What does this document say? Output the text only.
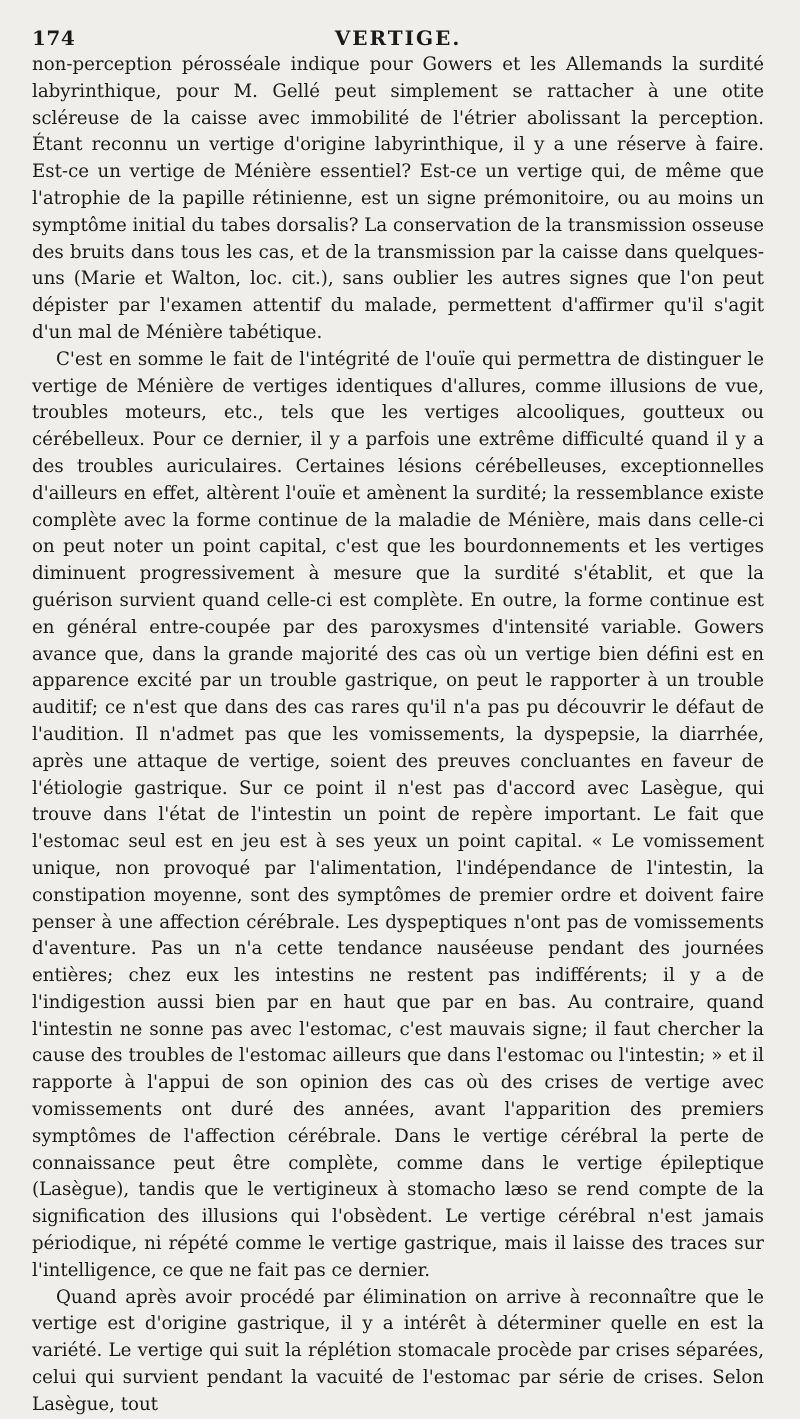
174	VERTIGE.

non-perception pérosséale indique pour Gowers et les Allemands la surdité labyrinthique, pour M. Gellé peut simplement se rattacher à une otite scléreuse de la caisse avec immobilité de l'étrier abolissant la perception. Étant reconnu un vertige d'origine labyrinthique, il y a une réserve à faire. Est-ce un vertige de Ménière essentiel? Est-ce un vertige qui, de même que l'atrophie de la papille rétinienne, est un signe prémonitoire, ou au moins un symptôme initial du tabes dorsalis? La conservation de la transmission osseuse des bruits dans tous les cas, et de la transmission par la caisse dans quelques-uns (Marie et Walton, loc. cit.), sans oublier les autres signes que l'on peut dépister par l'examen attentif du malade, permettent d'affirmer qu'il s'agit d'un mal de Ménière tabétique.

C'est en somme le fait de l'intégrité de l'ouïe qui permettra de distinguer le vertige de Ménière de vertiges identiques d'allures, comme illusions de vue, troubles moteurs, etc., tels que les vertiges alcooliques, goutteux ou cérébelleux. Pour ce dernier, il y a parfois une extrême difficulté quand il y a des troubles auriculaires. Certaines lésions cérébelleuses, exceptionnelles d'ailleurs en effet, altèrent l'ouïe et amènent la surdité; la ressemblance existe complète avec la forme continue de la maladie de Ménière, mais dans celle-ci on peut noter un point capital, c'est que les bourdonnements et les vertiges diminuent progressivement à mesure que la surdité s'établit, et que la guérison survient quand celle-ci est complète. En outre, la forme continue est en général entre-coupée par des paroxysmes d'intensité variable. Gowers avance que, dans la grande majorité des cas où un vertige bien défini est en apparence excité par un trouble gastrique, on peut le rapporter à un trouble auditif; ce n'est que dans des cas rares qu'il n'a pas pu découvrir le défaut de l'audition. Il n'admet pas que les vomissements, la dyspepsie, la diarrhée, après une attaque de vertige, soient des preuves concluantes en faveur de l'étiologie gastrique. Sur ce point il n'est pas d'accord avec Lasègue, qui trouve dans l'état de l'intestin un point de repère important. Le fait que l'estomac seul est en jeu est à ses yeux un point capital. « Le vomissement unique, non provoqué par l'alimentation, l'indépendance de l'intestin, la constipation moyenne, sont des symptômes de premier ordre et doivent faire penser à une affection cérébrale. Les dyspeptiques n'ont pas de vomissements d'aventure. Pas un n'a cette tendance nauséeuse pendant des journées entières; chez eux les intestins ne restent pas indifférents; il y a de l'indigestion aussi bien par en haut que par en bas. Au contraire, quand l'intestin ne sonne pas avec l'estomac, c'est mauvais signe; il faut chercher la cause des troubles de l'estomac ailleurs que dans l'estomac ou l'intestin; » et il rapporte à l'appui de son opinion des cas où des crises de vertige avec vomissements ont duré des années, avant l'apparition des premiers symptômes de l'affection cérébrale. Dans le vertige cérébral la perte de connaissance peut être complète, comme dans le vertige épileptique (Lasègue), tandis que le vertigineux à stomacho læso se rend compte de la signification des illusions qui l'obsèdent. Le vertige cérébral n'est jamais périodique, ni répété comme le vertige gastrique, mais il laisse des traces sur l'intelligence, ce que ne fait pas ce dernier.

Quand après avoir procédé par élimination on arrive à reconnaître que le vertige est d'origine gastrique, il y a intérêt à déterminer quelle en est la variété. Le vertige qui suit la réplétion stomacale procède par crises séparées, celui qui survient pendant la vacuité de l'estomac par série de crises. Selon Lasègue, tout
